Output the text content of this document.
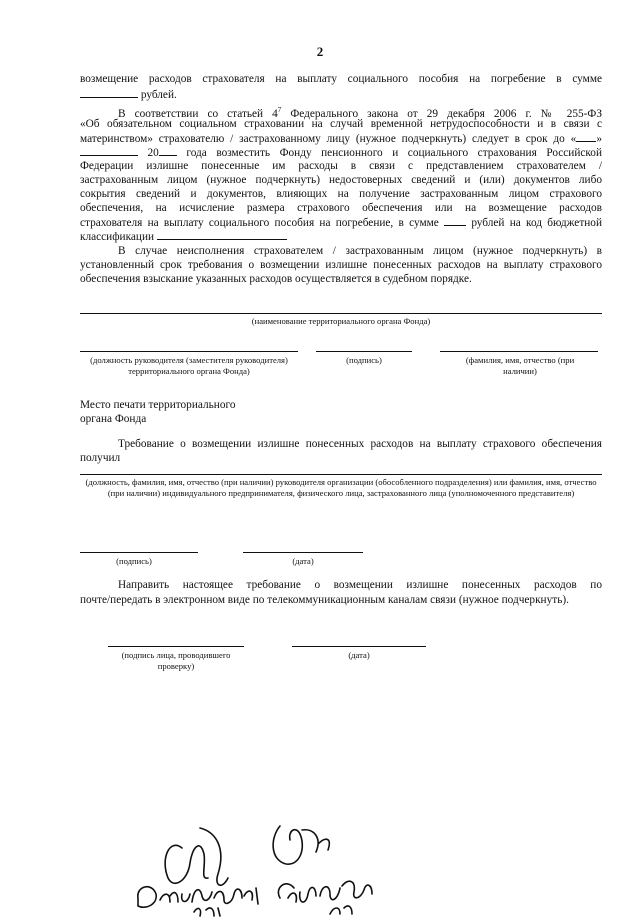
2
возмещение расходов страхователя на выплату социального пособия на погребение в сумме
рублей.
В соответствии со статьей $4^7$ Федерального закона от 29 декабря 2006 г. № 255-ФЗ
«Об обязательном социальном страховании на случай временной нетрудоспособности и в связи с
материнством» страхователю / застрахованному лицу (нужное подчеркнуть) следует в срок до « »
20 года возместить Фонду пенсионного и социального страхования Российской
Федерации излишне понесенные им расходы в связи с представлением страхователем /
застрахованным лицом (нужное подчеркнуть) недостоверных сведений и (или) документов либо
сокрытия сведений и документов, влияющих на получение застрахованным лицом страхового
обеспечения, на исчисление размера страхового обеспечения или на возмещение расходов
страхователя на выплату социального пособия на погребение, в сумме	рублей на код бюджетной
классификации
В случае неисполнения страхователем / застрахованным лицом (нужное подчеркнуть) в
установленный срок требования о возмещении излишне понесенных расходов на выплату страхового
обеспечения взыскание указанных расходов осуществляется в судебном порядке.
(наименование территориального органа Фонда)
(должность руководителя (заместителя руководителя) территориального органа Фонда)
(подпись)	(фамилия, имя, отчество (при наличии)
Место печати территориального
органа Фонда
Требование о возмещении излишне понесенных расходов на выплату страхового обеспечения
получил
(должность, фамилия, имя, отчество (при наличии) руководителя организации (обособленного подразделения) или фамилия, имя, отчество (при наличии) индивидуального предпринимателя, физического лица, застрахованного лица (уполномоченного представителя)
(подпись)	(дата)
Направить настоящее требование о возмещении излишне понесенных расходов по
почте/передать в электронном виде по телекоммуникационным каналам связи (нужное подчеркнуть).
(подпись лица, проводившего проверку)
(дата)
